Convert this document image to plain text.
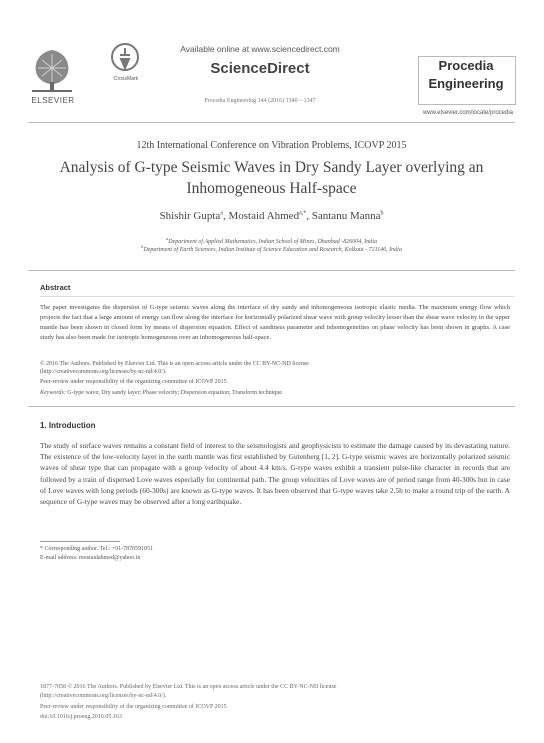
ELSEVIER
CrossMark
Available online at www.sciencedirect.com
ScienceDirect
Procedia Engineering 144 (2016) 1340 – 1347
Procedia
Engineering
www.elsevier.com/locate/procedia
12th International Conference on Vibration Problems, ICOVP 2015
Analysis of G-type Seismic Waves in Dry Sandy Layer overlying an Inhomogeneous Half-space
Shishir Gupta$^a$, Mostaid Ahmed$^{a,*}$, Santanu Manna$^b$
$^a$Department of Applied Mathematics, Indian School of Mines, Dhanbad -826004, India
$^b$Department of Earth Sciences, Indian Institute of Science Education and Research, Kolkata - 721146, India
Abstract
The paper investigates the dispersion of G-type seismic waves along the interface of dry sandy and inhomogeneous isotropic elastic media. The maximum energy flow which projects the fact that a large amount of energy can flow along the interface for horizontally polarized shear wave with group velocity lesser than the shear wave velocity in the upper mantle has been shown in closed form by means of dispersion equation. Effect of sandiness parameter and inhomogeneities on phase velocity has been shown in graphs. A case study has also been made for isotropic homogeneous over an inhomogeneous half-space.
© 2016 The Authors. Published by Elsevier Ltd. This is an open access article under the CC BY-NC-ND license
(http://creativecommons.org/licenses/by-nc-nd/4.0/).
Peer-review under responsibility of the organizing committee of ICOVP 2015
Keywords: G-type wave; Dry sandy layer; Phase velocity; Dispersion equation; Transform technique.
1. Introduction
The study of surface waves remains a constant field of interest to the seismologists and geophysicists to estimate the damage caused by its devastating nature. The existence of the low-velocity layer in the earth mantle was first established by Gutenberg [1, 2]. G-type seismic waves are horizontally polarized seismic waves of shear type that can propagate with a group velocity of about 4.4 km/s. G-type waves exhibit a transient pulse-like character in records that are followed by a train of dispersed Love waves especially for continental path. The group velocities of Love waves are of period range from 40-300s but in case of Love waves with long periods (60-300s) are known as G-type waves. It has been observed that G-type waves take 2.5h to make a round trip of the earth. A sequence of G-type waves may be observed after a long earthquake.
* Corresponding author. Tel.: +91-7870591051
E-mail address: mostaidahmed@yahoo.in
1877-7058 © 2016 The Authors. Published by Elsevier Ltd. This is an open access article under the CC BY-NC-ND license
(http://creativecommons.org/licenses/by-nc-nd/4.0/).
Peer-review under responsibility of the organizing committee of ICOVP 2015
doi:10.1016/j.proeng.2016.05.163
